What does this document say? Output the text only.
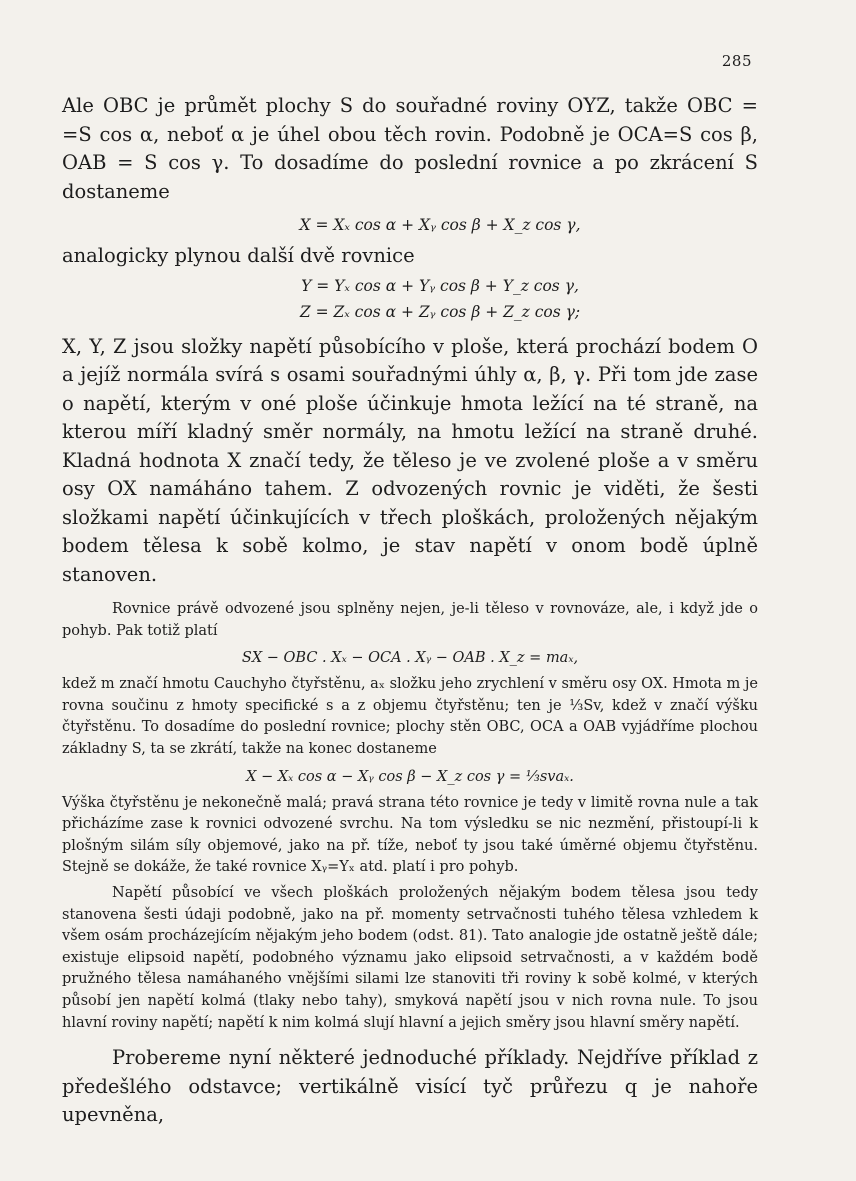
285

Ale OBC je průmět plochy S do souřadné roviny OYZ, takže OBC = =S cos α, neboť α je úhel obou těch rovin. Podobně je OCA=S cos β, OAB = S cos γ. To dosadíme do poslední rovnice a po zkrácení S dostaneme

X = Xₓ cos α + Xᵧ cos β + X_z cos γ,

analogicky plynou další dvě rovnice

Y = Yₓ cos α + Yᵧ cos β + Y_z cos γ,
Z = Zₓ cos α + Zᵧ cos β + Z_z cos γ;

X, Y, Z jsou složky napětí působícího v ploše, která prochází bodem O a jejíž normála svírá s osami souřadnými úhly α, β, γ. Při tom jde zase o napětí, kterým v oné ploše účinkuje hmota ležící na té straně, na kterou míří kladný směr normály, na hmotu ležící na straně druhé. Kladná hodnota X značí tedy, že těleso je ve zvolené ploše a v směru osy OX namáháno tahem. Z odvozených rovnic je viděti, že šesti složkami napětí účinkujících v třech ploškách, proložených nějakým bodem tělesa k sobě kolmo, je stav napětí v onom bodě úplně stanoven.

Rovnice právě odvozené jsou splněny nejen, je-li těleso v rovnováze, ale, i když jde o pohyb. Pak totiž platí

SX − OBC . Xₓ − OCA . Xᵧ − OAB . X_z = maₓ,

kdež m značí hmotu Cauchyho čtyřstěnu, aₓ složku jeho zrychlení v směru osy OX. Hmota m je rovna součinu z hmoty specifické s a z objemu čtyřstěnu; ten je ⅓Sv, kdež v značí výšku čtyřstěnu. To dosadíme do poslední rovnice; plochy stěn OBC, OCA a OAB vyjádříme plochou základny S, ta se zkrátí, takže na konec dostaneme

X − Xₓ cos α − Xᵧ cos β − X_z cos γ = ⅓svaₓ.

Výška čtyřstěnu je nekonečně malá; pravá strana této rovnice je tedy v limitě rovna nule a tak přicházíme zase k rovnici odvozené svrchu. Na tom výsledku se nic nezmění, přistoupí-li k plošným silám síly objemové, jako na př. tíže, neboť ty jsou také úměrné objemu čtyřstěnu. Stejně se dokáže, že také rovnice Xᵧ=Yₓ atd. platí i pro pohyb.

Napětí působící ve všech ploškách proložených nějakým bodem tělesa jsou tedy stanovena šesti údaji podobně, jako na př. momenty setrvačnosti tuhého tělesa vzhledem k všem osám procházejícím nějakým jeho bodem (odst. 81). Tato analogie jde ostatně ještě dále; existuje elipsoid napětí, podobného významu jako elipsoid setrvačnosti, a v každém bodě pružného tělesa namáhaného vnějšími silami lze stanoviti tři roviny k sobě kolmé, v kterých působí jen napětí kolmá (tlaky nebo tahy), smyková napětí jsou v nich rovna nule. To jsou hlavní roviny napětí; napětí k nim kolmá slují hlavní a jejich směry jsou hlavní směry napětí.

Probereme nyní některé jednoduché příklady. Nejdříve příklad z předešlého odstavce; vertikálně visící tyč průřezu q je nahoře upevněna,
